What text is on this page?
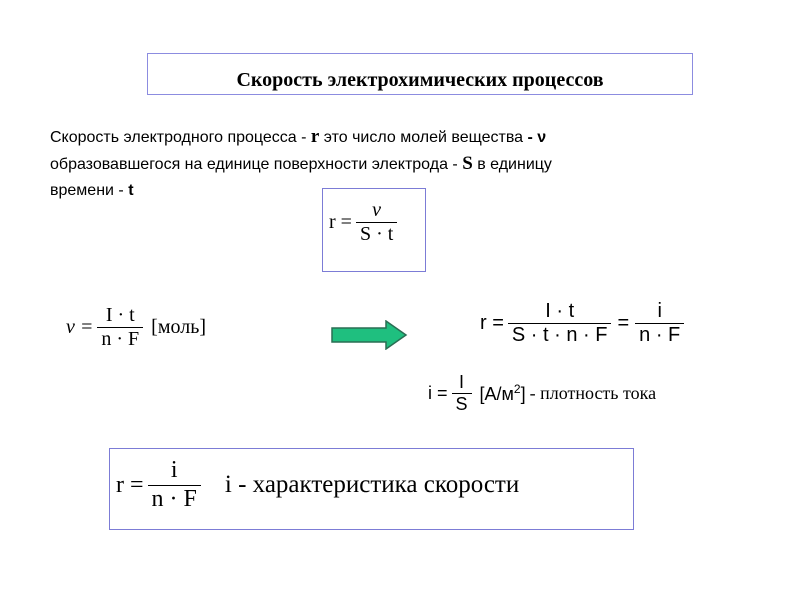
Скорость электрохимических процессов
Скорость электродного процесса - r это число молей вещества - ν
образовавшегося на единице поверхности электрода - S в единицу
времени - t
$r = \frac{\nu}{S \cdot t}$
$\nu = \frac{I \cdot t}{n \cdot F}$ [моль]	$r = \frac{I \cdot t}{S \cdot t \cdot n \cdot F} = \frac{i}{n \cdot F}$
$i = \frac{I}{S} [А/м^2]$ - плотность тока
$r = \frac{i}{n \cdot F}$ i - характеристика скорости
